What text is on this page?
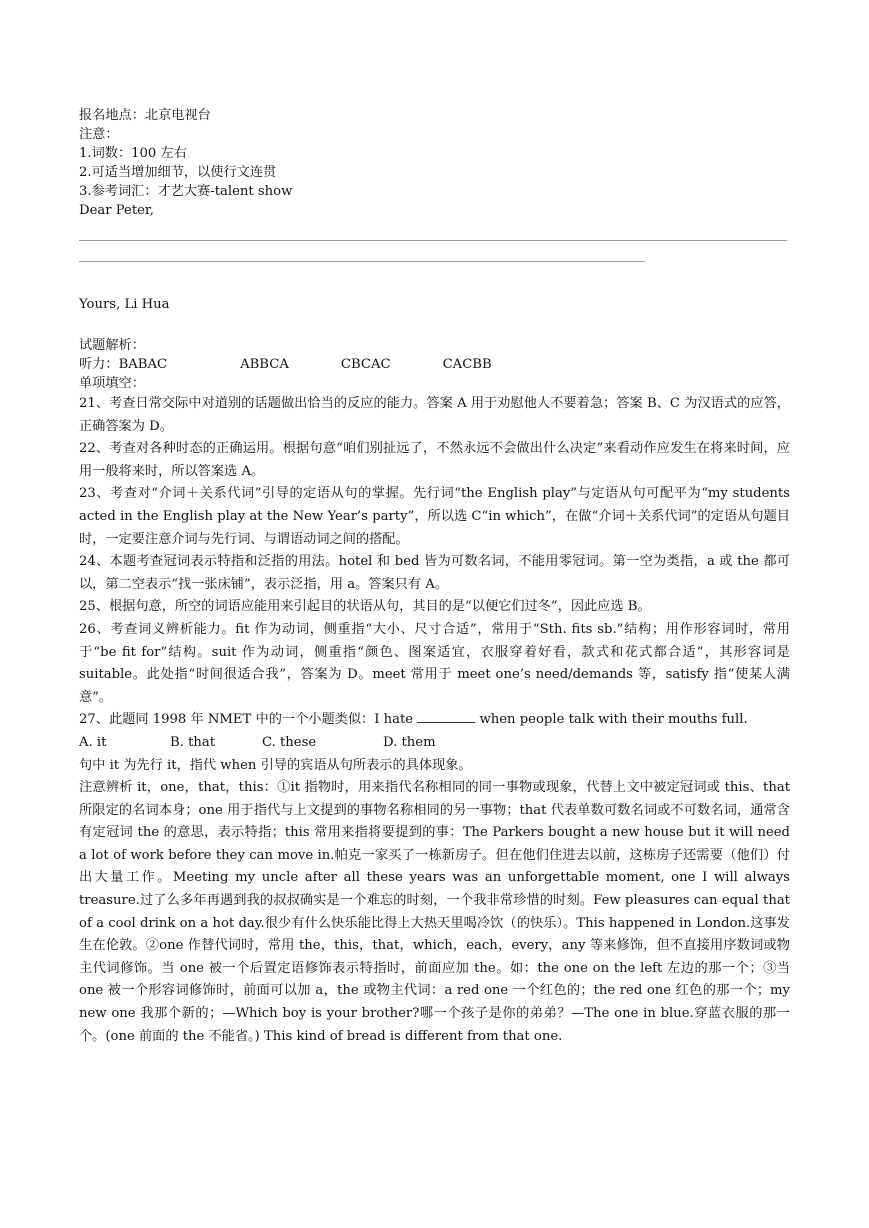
报名地点：北京电视台
注意：
1.词数：100 左右
2.可适当增加细节，以使行文连贯
3.参考词汇：才艺大赛-talent show
Dear Peter,
Yours, Li Hua
试题解析：
听力：BABAC	ABBCA	CBCAC	CACBB
单项填空：
21、考查日常交际中对道别的话题做出恰当的反应的能力。答案 A 用于劝慰他人不要着急；答案 B、C 为汉语式的应答，正确答案为 D。
22、考查对各种时态的正确运用。根据句意“咱们别扯远了，不然永远不会做出什么决定”来看动作应发生在将来时间，应用一般将来时，所以答案选 A。
23、考查对“介词＋关系代词”引导的定语从句的掌握。先行词“the English play”与定语从句可配平为“my students acted in the English play at the New Year’s party”，所以选 C“in which”，在做“介词＋关系代词”的定语从句题目时，一定要注意介词与先行词、与谓语动词之间的搭配。
24、本题考查冠词表示特指和泛指的用法。hotel 和 bed 皆为可数名词，不能用零冠词。第一空为类指，a 或 the 都可以，第二空表示“找一张床铺”，表示泛指，用 a。答案只有 A。
25、根据句意，所空的词语应能用来引起目的状语从句，其目的是“以便它们过冬”，因此应选 B。
26、考查词义辨析能力。fit 作为动词，侧重指“大小、尺寸合适”，常用于“Sth. fits sb.”结构；用作形容词时，常用于“be fit for”结构。suit 作为动词，侧重指“颜色、图案适宜，衣服穿着好看，款式和花式都合适”，其形容词是 suitable。此处指“时间很适合我”，答案为 D。meet 常用于 meet one’s need/demands 等，satisfy 指“使某人满意”。
27、此题同 1998 年 NMET 中的一个小题类似：I hate	when people talk with their mouths full.
A. it	B. that	C. these	D. them
句中 it 为先行 it，指代 when 引导的宾语从句所表示的具体现象。
注意辨析 it，one，that，this：①it 指物时，用来指代名称相同的同一事物或现象，代替上文中被定冠词或 this、that 所限定的名词本身；one 用于指代与上文提到的事物名称相同的另一事物；that 代表单数可数名词或不可数名词，通常含有定冠词 the 的意思，表示特指；this 常用来指将要提到的事：The Parkers bought a new house but it will need a lot of work before they can move in.帕克一家买了一栋新房子。但在他们住进去以前，这栋房子还需要（他们）付出大量工作。Meeting my uncle after all these years was an unforgettable moment, one I will always treasure.过了么多年再遇到我的叔叔确实是一个难忘的时刻，一个我非常珍惜的时刻。Few pleasures can equal that of a cool drink on a hot day.很少有什么快乐能比得上大热天里喝冷饮（的快乐）。This happened in London.这事发生在伦敦。②one 作替代词时，常用 the，this，that，which，each，every，any 等来修饰，但不直接用序数词或物主代词修饰。当 one 被一个后置定语修饰表示特指时，前面应加 the。如：the one on the left 左边的那一个；③当 one 被一个形容词修饰时，前面可以加 a，the 或物主代词：a red one 一个红色的；the red one 红色的那一个；my new one 我那个新的；—Which boy is your brother?哪一个孩子是你的弟弟？—The one in blue.穿蓝衣服的那一个。(one 前面的 the 不能省。) This kind of bread is different from that one.
